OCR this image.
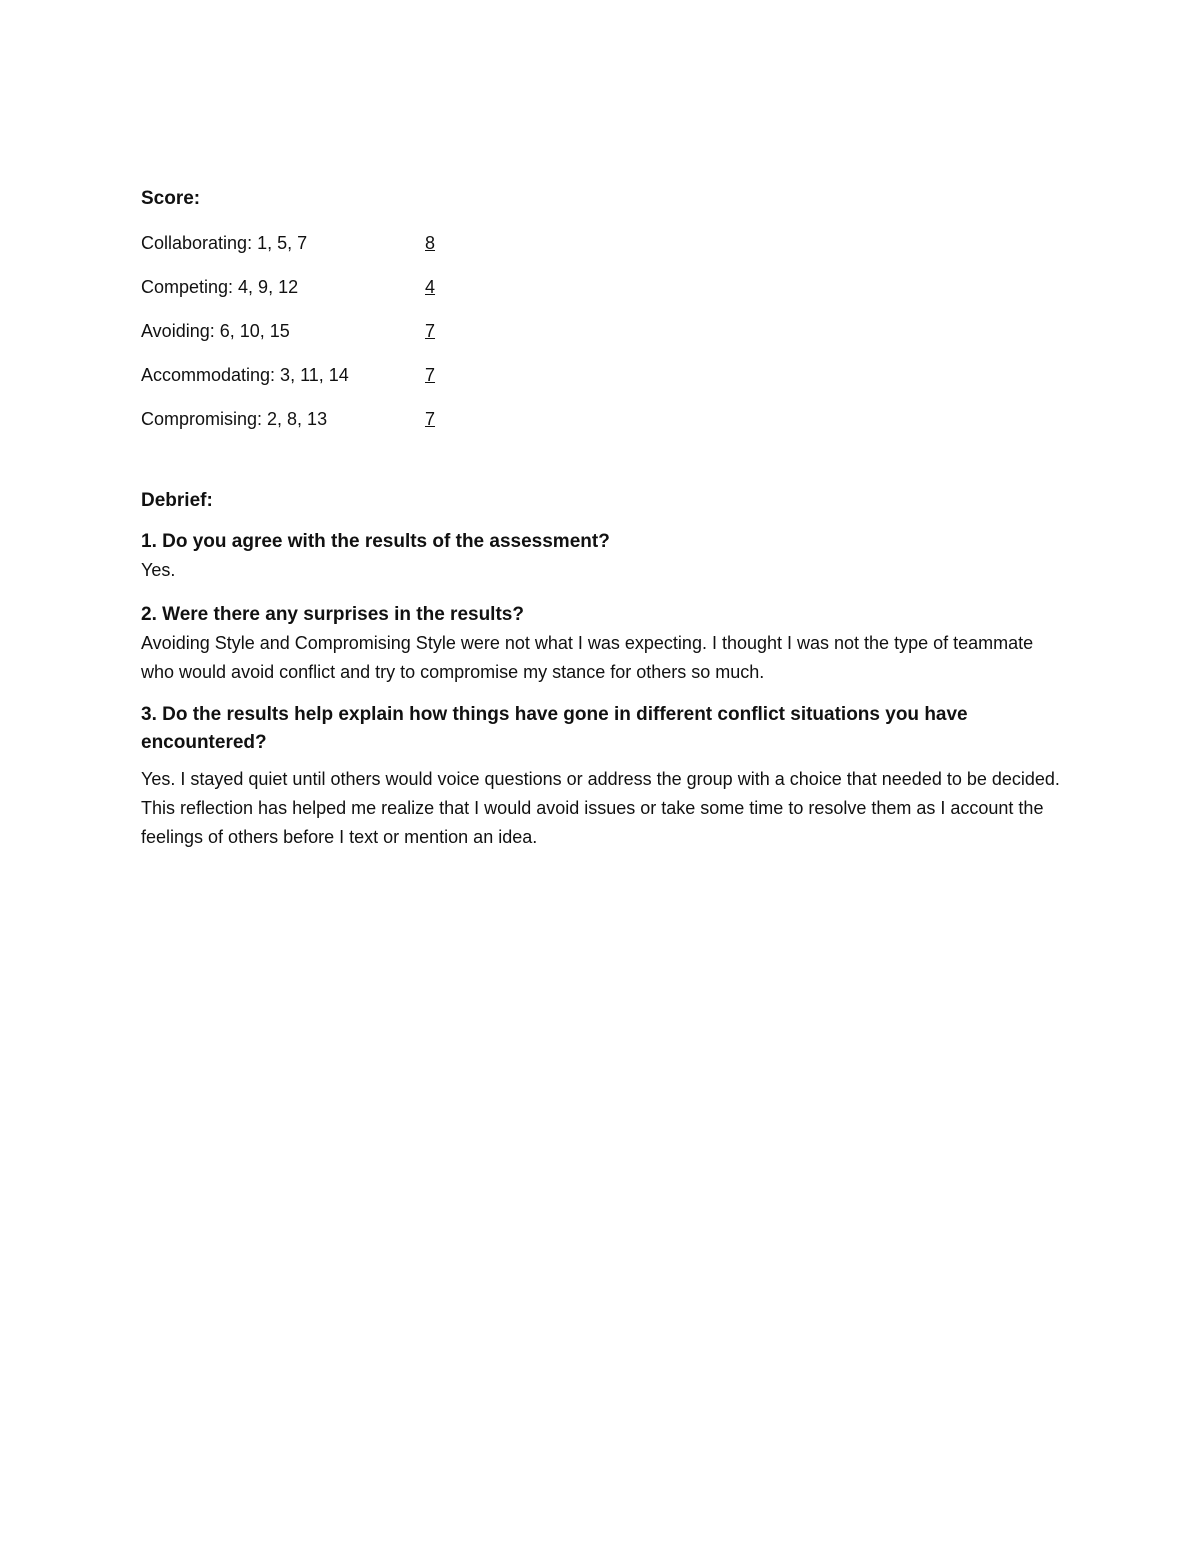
Score:
Collaborating: 1, 5, 7	8
Competing: 4, 9, 12	4
Avoiding: 6, 10, 15	7
Accommodating: 3, 11, 14	7
Compromising: 2, 8, 13	7
Debrief:

1. Do you agree with the results of the assessment?

Yes.

2. Were there any surprises in the results?

Avoiding Style and Compromising Style were not what I was expecting. I thought I was not the type of teammate who would avoid conflict and try to compromise my stance for others so much.

3. Do the results help explain how things have gone in different conflict situations you have encountered?

Yes. I stayed quiet until others would voice questions or address the group with a choice that needed to be decided. This reflection has helped me realize that I would avoid issues or take some time to resolve them as I account the feelings of others before I text or mention an idea.
